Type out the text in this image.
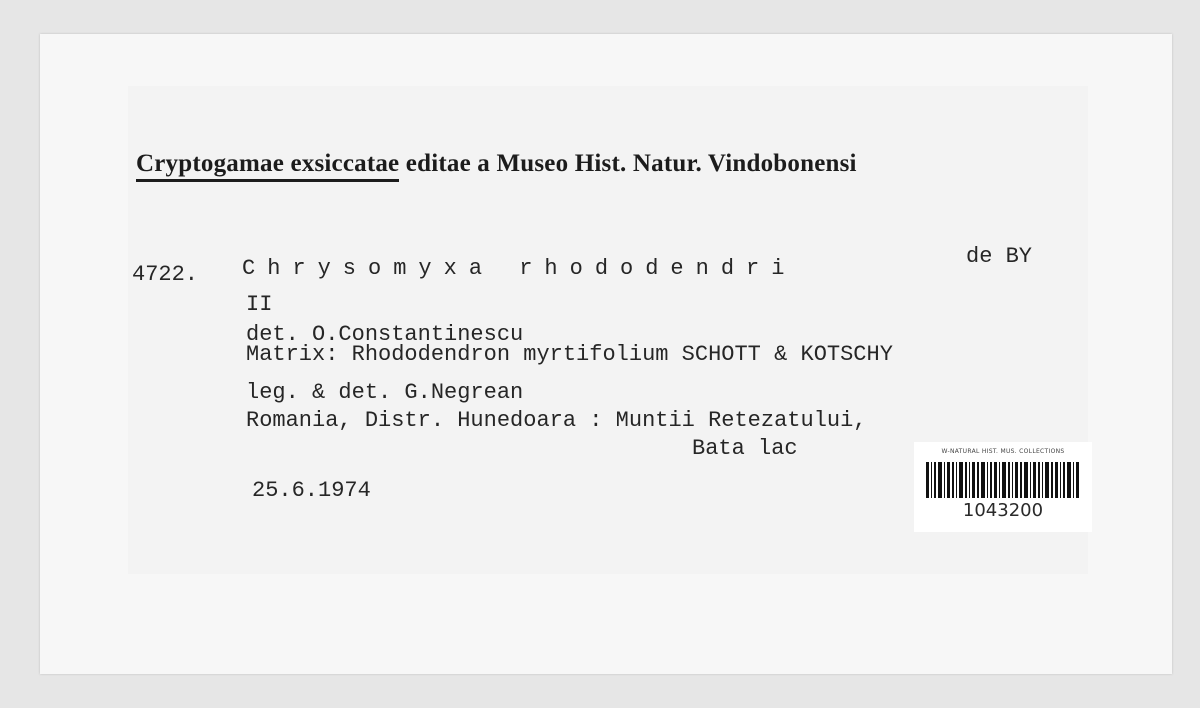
Cryptogamae exsiccatae editae a Museo Hist. Natur. Vindobonensi
4722. Chrysomyxa rhododendri	de BY
II
det. O.Constantinescu
Matrix: Rhododendron myrtifolium SCHOTT & KOTSCHY
leg. & det. G.Negrean
Romania, Distr. Hunedoara : Muntii Retezatului,
Bata lac
25.6.1974
W-NATURAL HIST. MUS. COLLECTIONS
1043200
